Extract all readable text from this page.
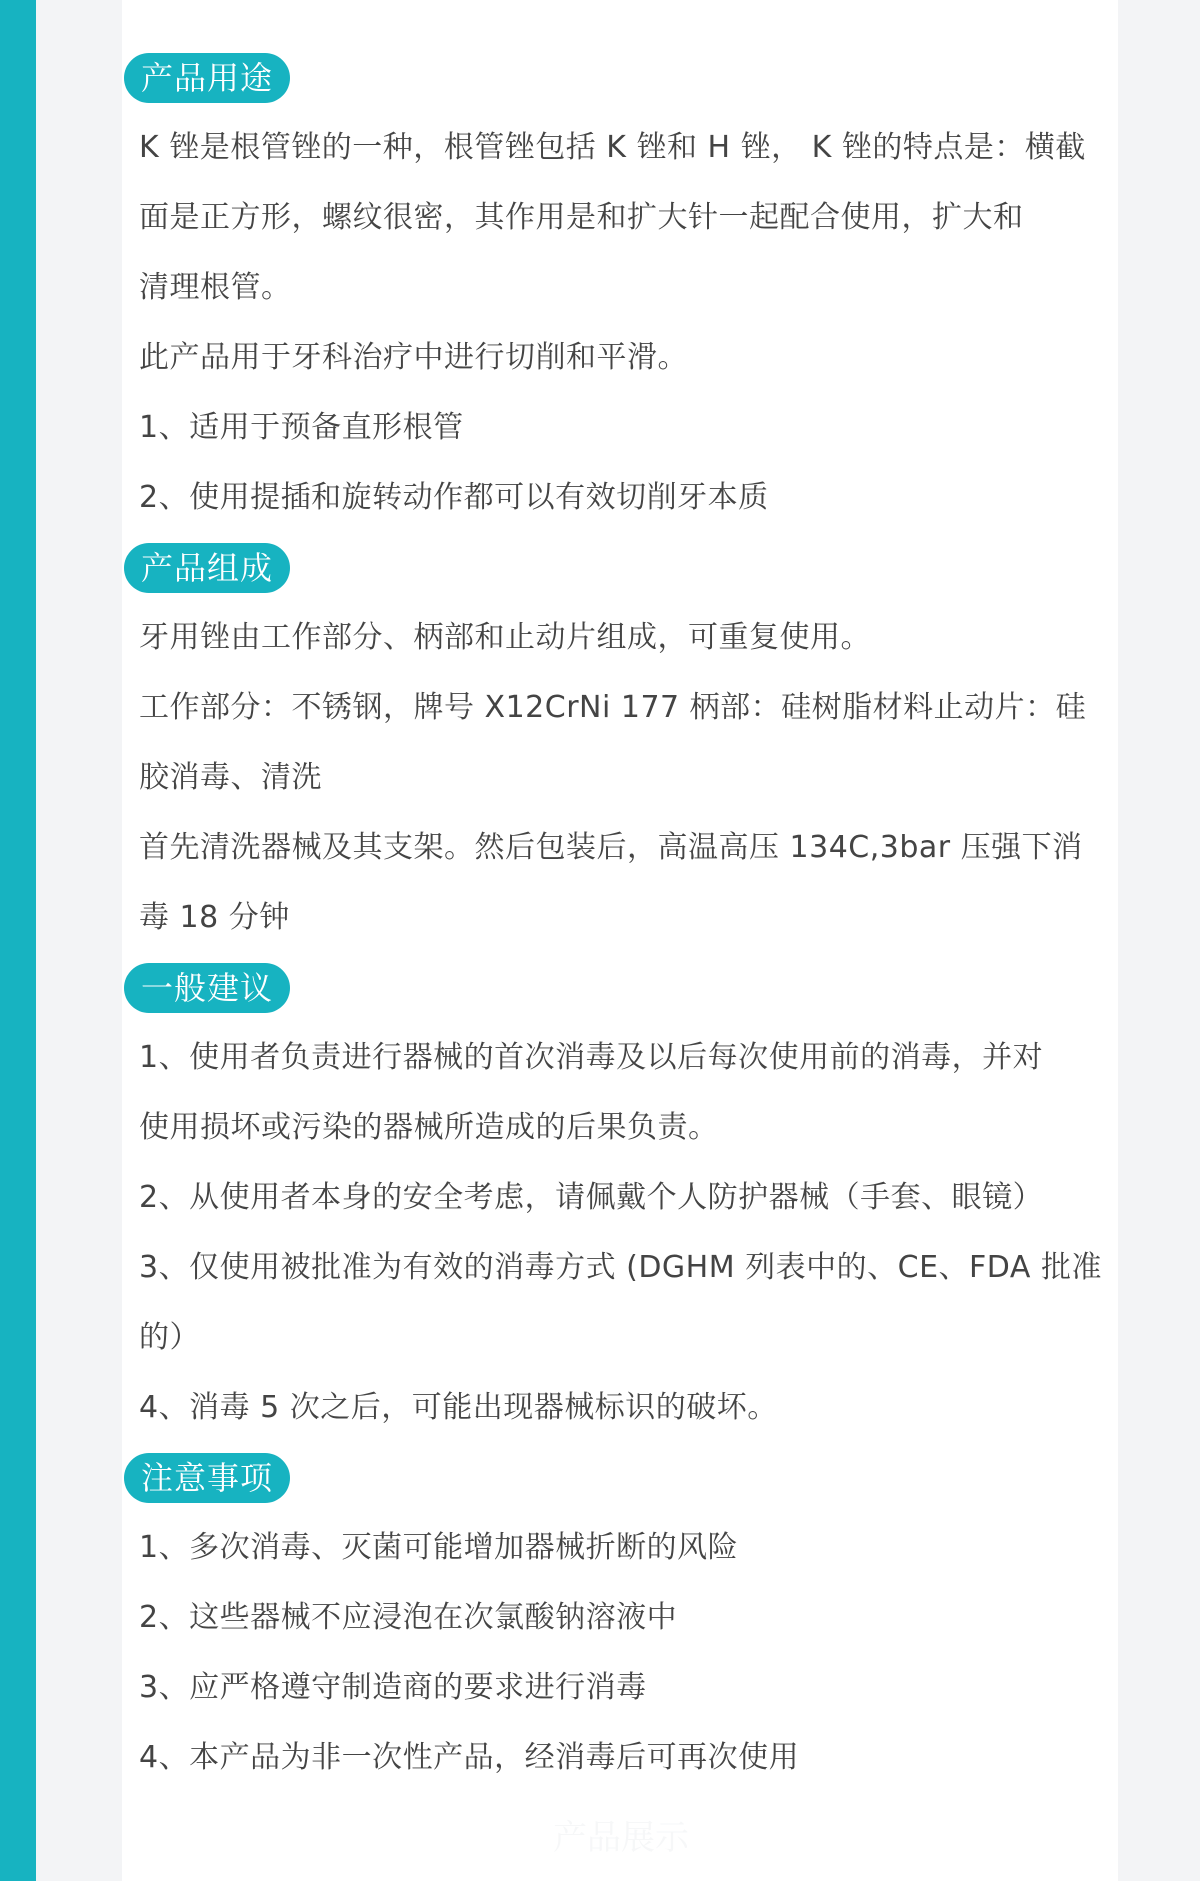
产品用途
K 锉是根管锉的一种，根管锉包括 K 锉和 H 锉， K 锉的特点是：横截
面是正方形，螺纹很密，其作用是和扩大针一起配合使用，扩大和
清理根管。
此产品用于牙科治疗中进行切削和平滑。
1、适用于预备直形根管
2、使用提插和旋转动作都可以有效切削牙本质
产品组成
牙用锉由工作部分、柄部和止动片组成，可重复使用。
工作部分：不锈钢，牌号 X12CrNi 177 柄部：硅树脂材料止动片：硅
胶消毒、清洗
首先清洗器械及其支架。然后包装后，高温高压 134C,3bar 压强下消
毒 18 分钟
一般建议
1、使用者负责进行器械的首次消毒及以后每次使用前的消毒，并对
使用损坏或污染的器械所造成的后果负责。
2、从使用者本身的安全考虑，请佩戴个人防护器械（手套、眼镜）
3、仅使用被批准为有效的消毒方式 (DGHM 列表中的、CE、FDA 批准
的）
4、消毒 5 次之后，可能出现器械标识的破坏。
注意事项
1、多次消毒、灭菌可能增加器械折断的风险
2、这些器械不应浸泡在次氯酸钠溶液中
3、应严格遵守制造商的要求进行消毒
4、本产品为非一次性产品，经消毒后可再次使用
产品展示
